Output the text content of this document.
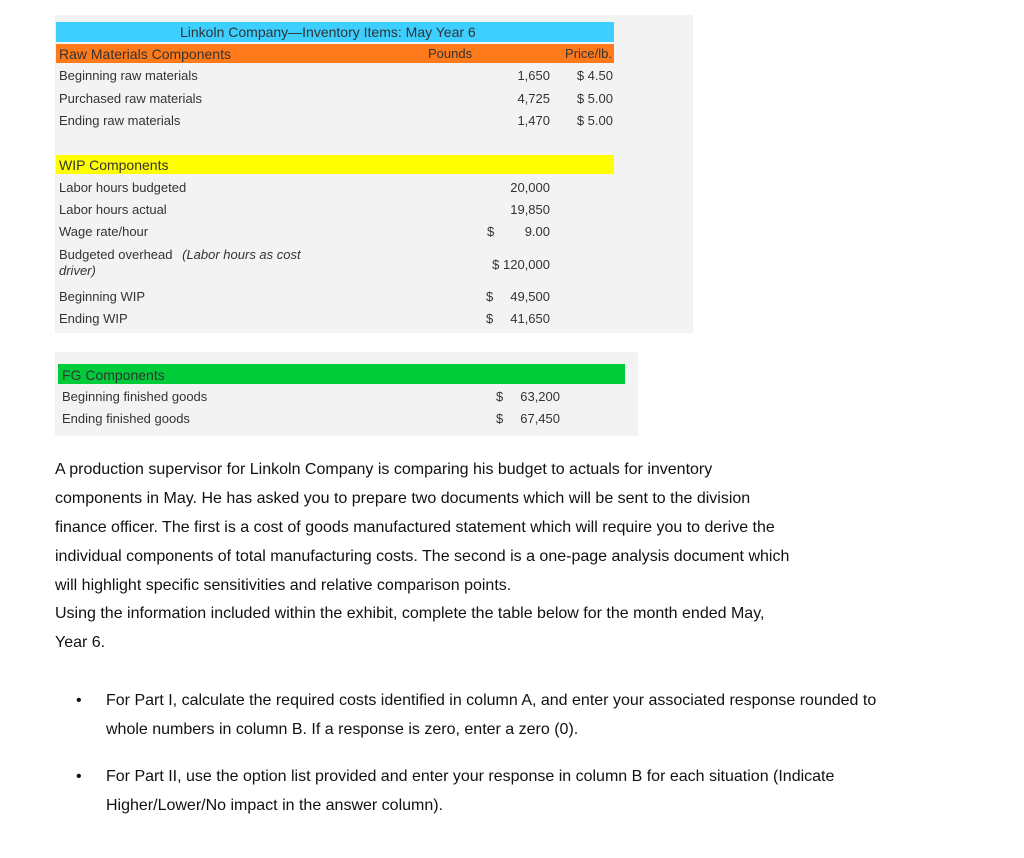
Linkoln Company—Inventory Items: May Year 6
Raw Materials Components	Pounds	Price/lb.
Beginning raw materials	1,650	$ 4.50
Purchased raw materials	4,725	$ 5.00
Ending raw materials	1,470	$ 5.00
WIP Components
Labor hours budgeted	20,000
Labor hours actual	19,850
Wage rate/hour	$	9.00
Budgeted overhead (Labor hours as cost
driver)	$ 120,000
Beginning WIP	$	49,500
Ending WIP	$	41,650
FG Components
Beginning finished goods	$	63,200
Ending finished goods	$	67,450
A production supervisor for Linkoln Company is comparing his budget to actuals for inventory
components in May. He has asked you to prepare two documents which will be sent to the division
finance officer. The first is a cost of goods manufactured statement which will require you to derive the
individual components of total manufacturing costs. The second is a one-page analysis document which
will highlight specific sensitivities and relative comparison points.
Using the information included within the exhibit, complete the table below for the month ended May,
Year 6.
• For Part I, calculate the required costs identified in column A, and enter your associated response rounded to
whole numbers in column B. If a response is zero, enter a zero (0).
• For Part II, use the option list provided and enter your response in column B for each situation (Indicate
Higher/Lower/No impact in the answer column).
